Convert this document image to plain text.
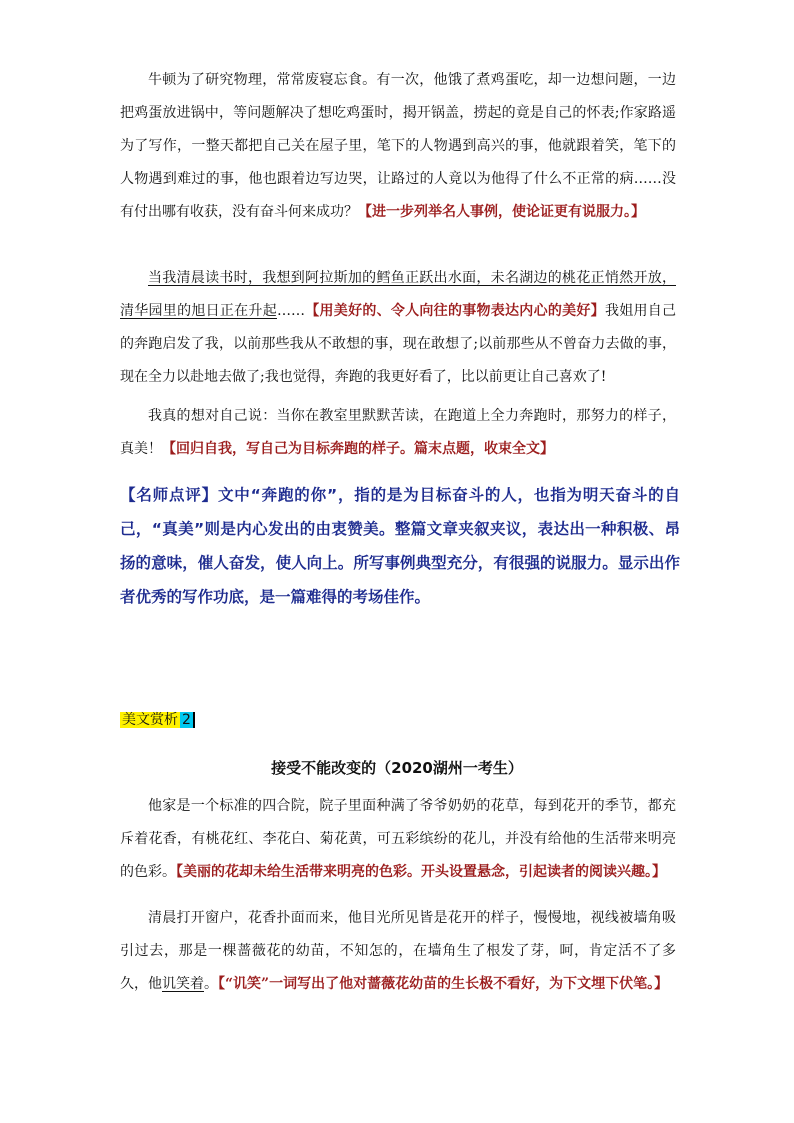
牛顿为了研究物理，常常废寝忘食。有一次，他饿了煮鸡蛋吃，却一边想问题，一边把鸡蛋放进锅中，等问题解决了想吃鸡蛋时，揭开锅盖，捞起的竟是自己的怀表;作家路遥为了写作，一整天都把自己关在屋子里，笔下的人物遇到高兴的事，他就跟着笑，笔下的人物遇到难过的事，他也跟着边写边哭，让路过的人竟以为他得了什么不正常的病……没有付出哪有收获，没有奋斗何来成功？【进一步列举名人事例，使论证更有说服力。】
当我清晨读书时，我想到阿拉斯加的鳕鱼正跃出水面，未名湖边的桃花正悄然开放，清华园里的旭日正在升起……【用美好的、令人向往的事物表达内心的美好】我姐用自己的奔跑启发了我，以前那些我从不敢想的事，现在敢想了;以前那些从不曾奋力去做的事，现在全力以赴地去做了;我也觉得，奔跑的我更好看了，比以前更让自己喜欢了!
我真的想对自己说：当你在教室里默默苦读，在跑道上全力奔跑时，那努力的样子，真美！【回归自我，写自己为目标奔跑的样子。篇末点题，收束全文】
【名师点评】文中“奔跑的你”，指的是为目标奋斗的人，也指为明天奋斗的自己，“真美”则是内心发出的由衷赞美。整篇文章夹叙夹议，表达出一种积极、昂扬的意味，催人奋发，使人向上。所写事例典型充分，有很强的说服力。显示出作者优秀的写作功底，是一篇难得的考场佳作。
美文赏析 2
接受不能改变的（2020湖州一考生）
他家是一个标准的四合院，院子里面种满了爷爷奶奶的花草，每到花开的季节，都充斥着花香，有桃花红、李花白、菊花黄，可五彩缤纷的花儿，并没有给他的生活带来明亮的色彩。【美丽的花却未给生活带来明亮的色彩。开头设置悬念，引起读者的阅读兴趣。】
清晨打开窗户，花香扑面而来，他目光所见皆是花开的样子，慢慢地，视线被墙角吸引过去，那是一棵蔷薇花的幼苗，不知怎的，在墙角生了根发了芽，呵，肯定活不了多久，他讥笑着。【“讥笑”一词写出了他对蔷薇花幼苗的生长极不看好，为下文埋下伏笔。】
